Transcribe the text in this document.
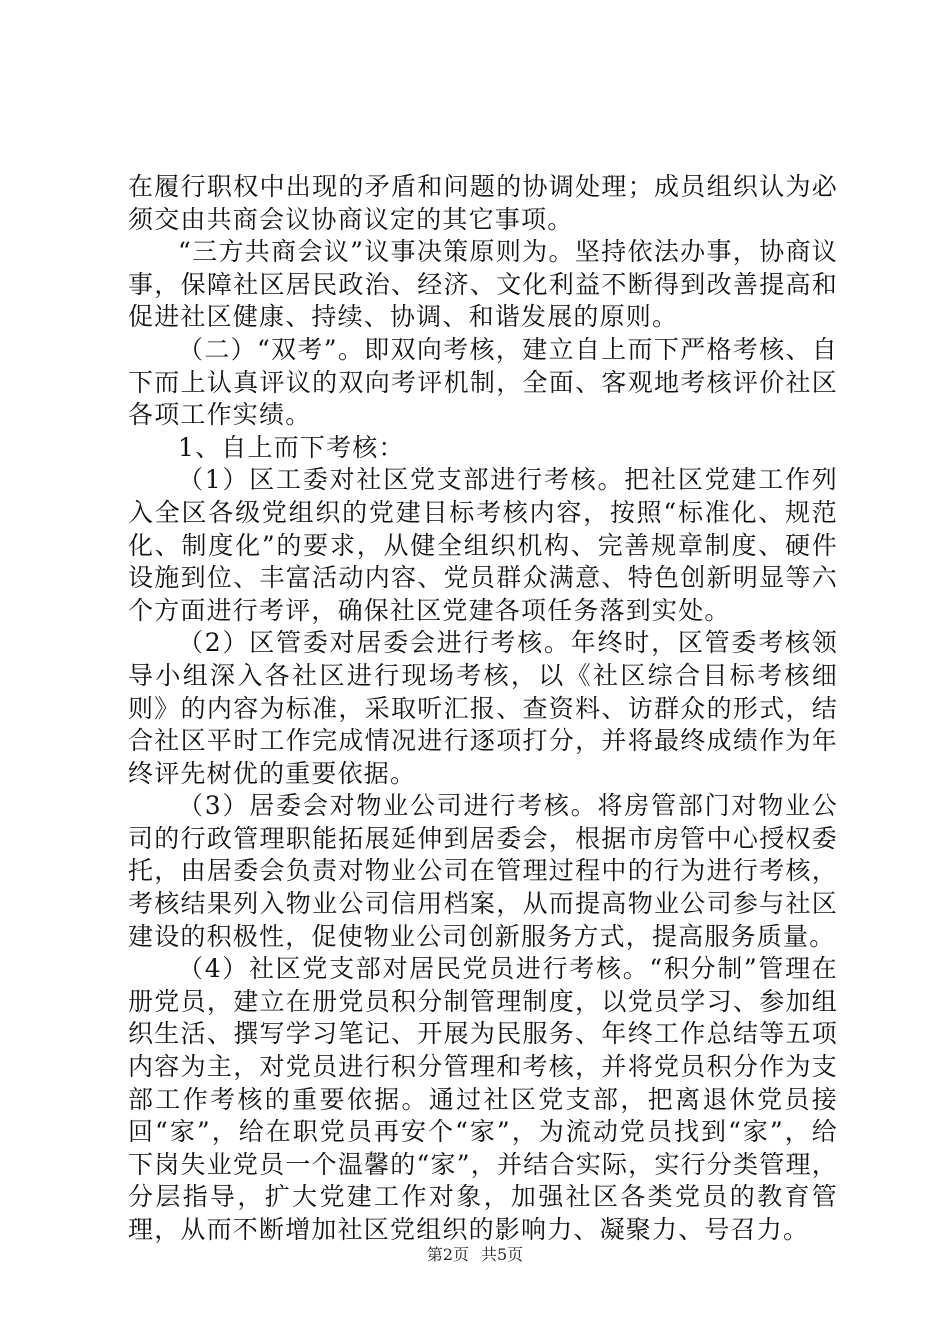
在履行职权中出现的矛盾和问题的协调处理；成员组织认为必须交由共商会议协商议定的其它事项。

“三方共商会议”议事决策原则为。坚持依法办事，协商议事，保障社区居民政治、经济、文化利益不断得到改善提高和促进社区健康、持续、协调、和谐发展的原则。

（二）“双考”。即双向考核，建立自上而下严格考核、自下而上认真评议的双向考评机制，全面、客观地考核评价社区各项工作实绩。

1、自上而下考核：

（1）区工委对社区党支部进行考核。把社区党建工作列入全区各级党组织的党建目标考核内容，按照“标准化、规范化、制度化”的要求，从健全组织机构、完善规章制度、硬件设施到位、丰富活动内容、党员群众满意、特色创新明显等六个方面进行考评，确保社区党建各项任务落到实处。

（2）区管委对居委会进行考核。年终时，区管委考核领导小组深入各社区进行现场考核，以《社区综合目标考核细则》的内容为标准，采取听汇报、查资料、访群众的形式，结合社区平时工作完成情况进行逐项打分，并将最终成绩作为年终评先树优的重要依据。

（3）居委会对物业公司进行考核。将房管部门对物业公司的行政管理职能拓展延伸到居委会，根据市房管中心授权委托，由居委会负责对物业公司在管理过程中的行为进行考核，考核结果列入物业公司信用档案，从而提高物业公司参与社区建设的积极性，促使物业公司创新服务方式，提高服务质量。

（4）社区党支部对居民党员进行考核。“积分制”管理在册党员，建立在册党员积分制管理制度，以党员学习、参加组织生活、撰写学习笔记、开展为民服务、年终工作总结等五项内容为主，对党员进行积分管理和考核，并将党员积分作为支部工作考核的重要依据。通过社区党支部，把离退休党员接回“家”，给在职党员再安个“家”，为流动党员找到“家”，给下岗失业党员一个温馨的“家”，并结合实际，实行分类管理，分层指导，扩大党建工作对象，加强社区各类党员的教育管理，从而不断增加社区党组织的影响力、凝聚力、号召力。

第2页 共5页
